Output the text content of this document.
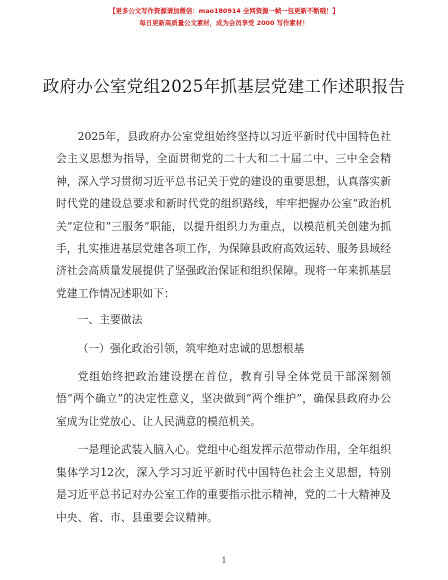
【更多公文写作资源请加微信：mao180914 全网资源一帧一包更新不断哦！】
每日更新高质量公文素材，成为会员享受 2000 写作素材！
政府办公室党组2025年抓基层党建工作述职报告

2025年，县政府办公室党组始终坚持以习近平新时代中国特色社会主义思想为指导，全面贯彻党的二十大和二十届二中、三中全会精神，深入学习贯彻习近平总书记关于党的建设的重要思想，认真落实新时代党的建设总要求和新时代党的组织路线，牢牢把握办公室“政治机关”定位和“三服务”职能，以提升组织力为重点，以模范机关创建为抓手，扎实推进基层党建各项工作，为保障县政府高效运转、服务县域经济社会高质量发展提供了坚强政治保证和组织保障。现将一年来抓基层党建工作情况述职如下：

一、主要做法

（一）强化政治引领，筑牢绝对忠诚的思想根基

党组始终把政治建设摆在首位，教育引导全体党员干部深刻领悟“两个确立”的决定性意义，坚决做到“两个维护”，确保县政府办公室成为让党放心、让人民满意的模范机关。

一是理论武装入脑入心。党组中心组发挥示范带动作用，全年组织集体学习12次，深入学习习近平新时代中国特色社会主义思想，特别是习近平总书记对办公室工作的重要指示批示精神，党的二十大精神及中央、省、市、县重要会议精神。

1
